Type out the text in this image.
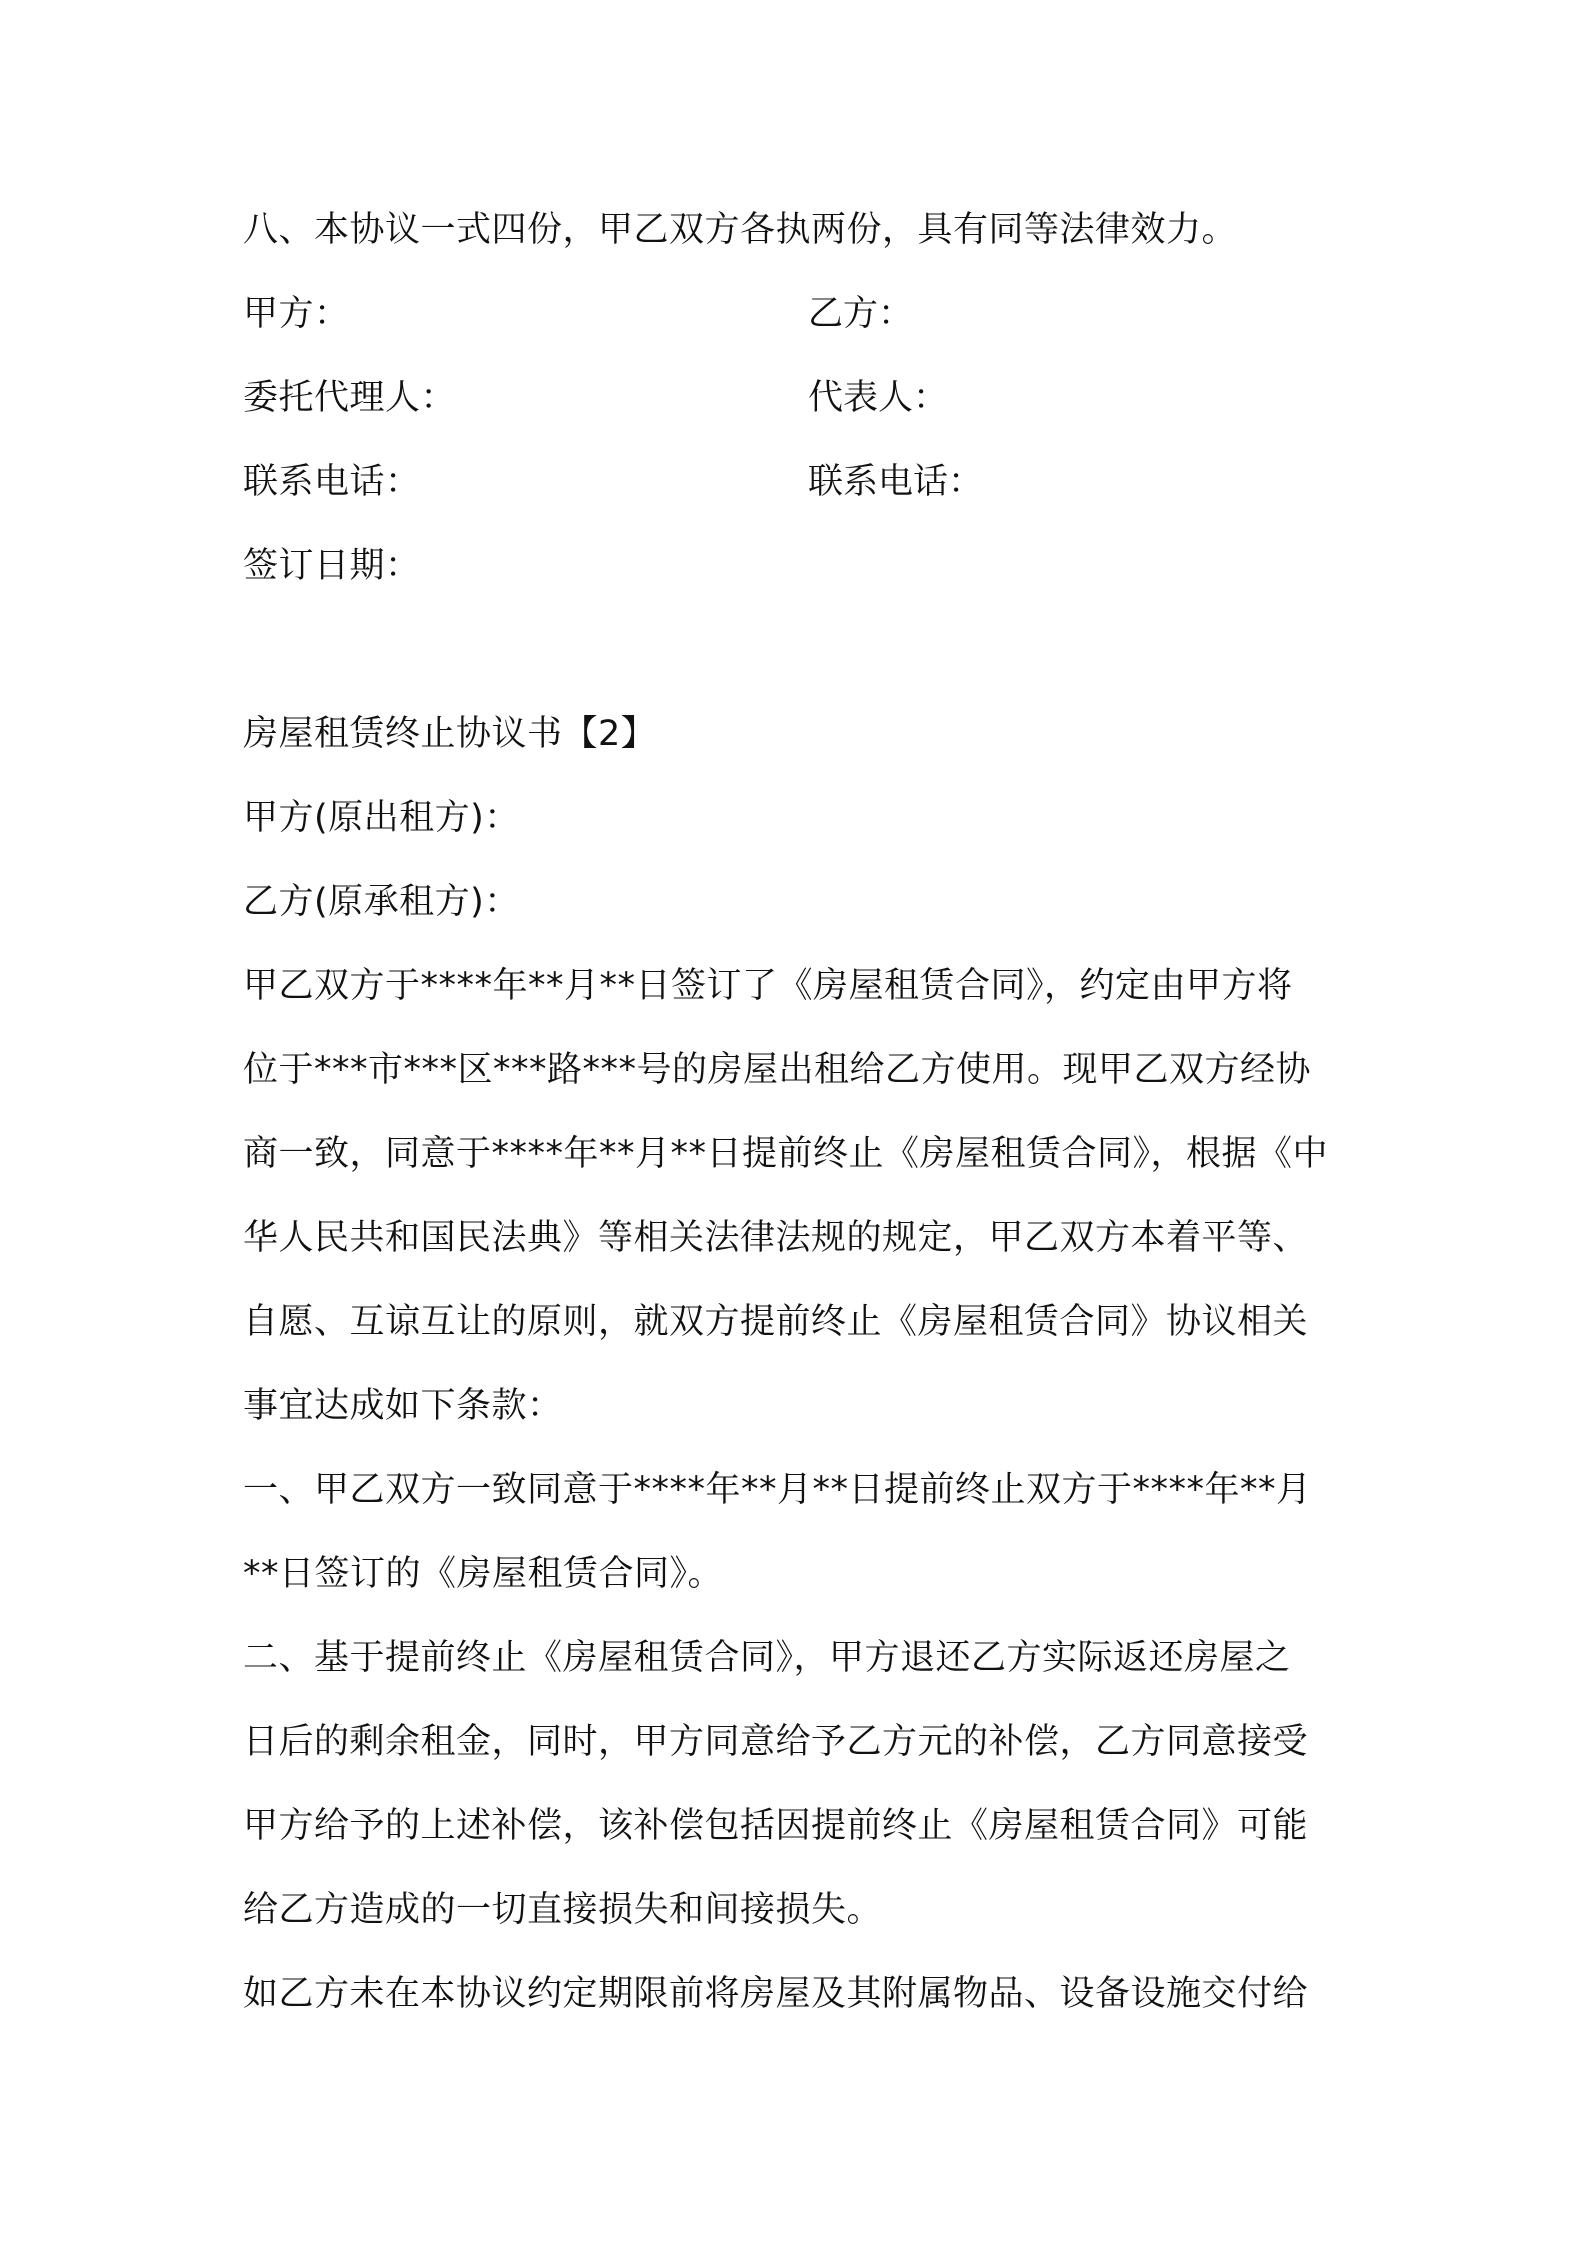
八、本协议一式四份，甲乙双方各执两份，具有同等法律效力。
甲方：	乙方：
委托代理人：	代表人：
联系电话：	联系电话：
签订日期：
房屋租赁终止协议书【2】
甲方(原出租方)：
乙方(原承租方)：
甲乙双方于****年**月**日签订了《房屋租赁合同》，约定由甲方将
位于***市***区***路***号的房屋出租给乙方使用。现甲乙双方经协
商一致，同意于****年**月**日提前终止《房屋租赁合同》，根据《中
华人民共和国民法典》等相关法律法规的规定，甲乙双方本着平等、
自愿、互谅互让的原则，就双方提前终止《房屋租赁合同》协议相关
事宜达成如下条款：
一、甲乙双方一致同意于****年**月**日提前终止双方于****年**月
**日签订的《房屋租赁合同》。
二、基于提前终止《房屋租赁合同》，甲方退还乙方实际返还房屋之
日后的剩余租金，同时，甲方同意给予乙方元的补偿，乙方同意接受
甲方给予的上述补偿，该补偿包括因提前终止《房屋租赁合同》可能
给乙方造成的一切直接损失和间接损失。
如乙方未在本协议约定期限前将房屋及其附属物品、设备设施交付给
